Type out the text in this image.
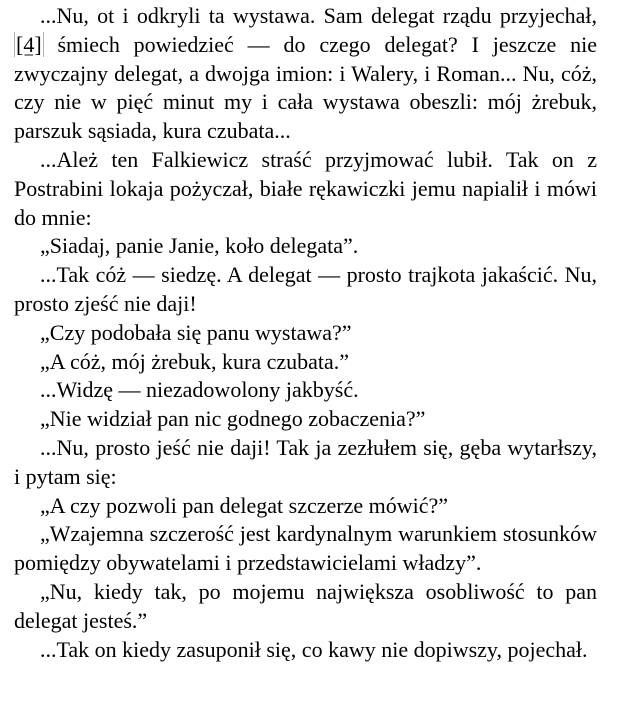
...Nu, ot i odkryli ta wystawa. Sam delegat rządu przyjechał,[4] śmiech powiedzieć — do czego delegat? I jeszcze nie zwyczajny delegat, a dwojga imion: i Walery, i Roman... Nu, cóż, czy nie w pięć minut my i cała wystawa obeszli: mój żrebuk, parszuk sąsiada, kura czubata...

...Ależ ten Falkiewicz straść przyjmować lubił. Tak on z Postrabini lokaja pożyczał, białe rękawiczki jemu napialił i mówi do mnie:

„Siadaj, panie Janie, koło delegata”.

...Tak cóż — siedzę. A delegat — prosto trajkota jakaścić. Nu, prosto zjeść nie daji!

„Czy podobała się panu wystawa?”

„A cóż, mój żrebuk, kura czubata.”

...Widzę — niezadowolony jakbyść.

„Nie widział pan nic godnego zobaczenia?”

...Nu, prosto jeść nie daji! Tak ja zezłułem się, gęba wytarłszy, i pytam się:

„A czy pozwoli pan delegat szczerze mówić?”

„Wzajemna szczerość jest kardynalnym warunkiem stosunków pomiędzy obywatelami i przedstawicielami władzy”.

„Nu, kiedy tak, po mojemu największa osobliwość to pan delegat jesteś.”

...Tak on kiedy zasuponił się, co kawy nie dopiwszy, pojechał.
